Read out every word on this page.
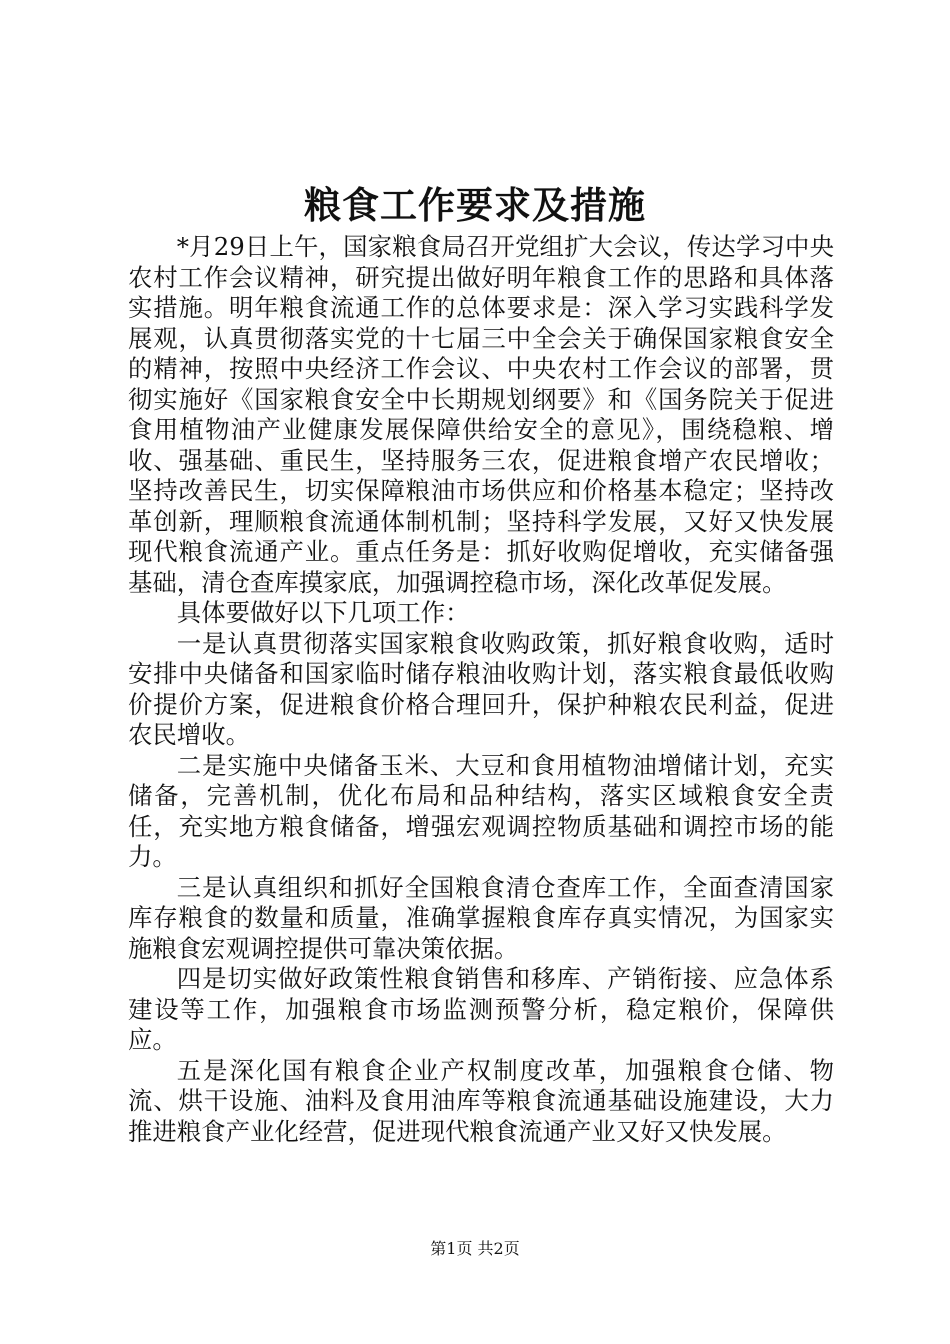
粮食工作要求及措施

*月29日上午，国家粮食局召开党组扩大会议，传达学习中央农村工作会议精神，研究提出做好明年粮食工作的思路和具体落实措施。明年粮食流通工作的总体要求是：深入学习实践科学发展观，认真贯彻落实党的十七届三中全会关于确保国家粮食安全的精神，按照中央经济工作会议、中央农村工作会议的部署，贯彻实施好《国家粮食安全中长期规划纲要》和《国务院关于促进食用植物油产业健康发展保障供给安全的意见》，围绕稳粮、增收、强基础、重民生，坚持服务三农，促进粮食增产农民增收；坚持改善民生，切实保障粮油市场供应和价格基本稳定；坚持改革创新，理顺粮食流通体制机制；坚持科学发展，又好又快发展现代粮食流通产业。重点任务是：抓好收购促增收，充实储备强基础，清仓查库摸家底，加强调控稳市场，深化改革促发展。

具体要做好以下几项工作：

一是认真贯彻落实国家粮食收购政策，抓好粮食收购，适时安排中央储备和国家临时储存粮油收购计划，落实粮食最低收购价提价方案，促进粮食价格合理回升，保护种粮农民利益，促进农民增收。

二是实施中央储备玉米、大豆和食用植物油增储计划，充实储备，完善机制，优化布局和品种结构，落实区域粮食安全责任，充实地方粮食储备，增强宏观调控物质基础和调控市场的能力。

三是认真组织和抓好全国粮食清仓查库工作，全面查清国家库存粮食的数量和质量，准确掌握粮食库存真实情况，为国家实施粮食宏观调控提供可靠决策依据。

四是切实做好政策性粮食销售和移库、产销衔接、应急体系建设等工作，加强粮食市场监测预警分析，稳定粮价，保障供应。

五是深化国有粮食企业产权制度改革，加强粮食仓储、物流、烘干设施、油料及食用油库等粮食流通基础设施建设，大力推进粮食产业化经营，促进现代粮食流通产业又好又快发展。

第1页 共2页
